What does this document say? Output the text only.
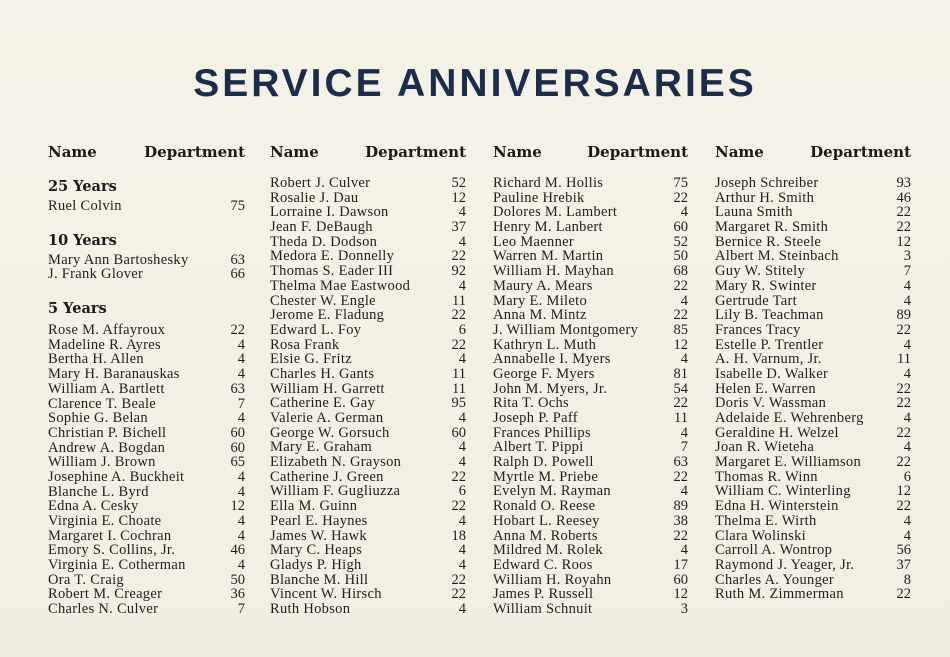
SERVICE ANNIVERSARIES
Name	Department
25 Years
Ruel Colvin	75
10 Years
Mary Ann Bartoshesky	63
J. Frank Glover	66
5 Years
Rose M. Affayroux	22
Madeline R. Ayres	4
Bertha H. Allen	4
Mary H. Baranauskas	4
William A. Bartlett	63
Clarence T. Beale	7
Sophie G. Belan	4
Christian P. Bichell	60
Andrew A. Bogdan	60
William J. Brown	65
Josephine A. Buckheit	4
Blanche L. Byrd	4
Edna A. Cesky	12
Virginia E. Choate	4
Margaret I. Cochran	4
Emory S. Collins, Jr.	46
Virginia E. Cotherman	4
Ora T. Craig	50
Robert M. Creager	36
Charles N. Culver	7
Name	Department
Robert J. Culver	52
Rosalie J. Dau	12
Lorraine I. Dawson	4
Jean F. DeBaugh	37
Theda D. Dodson	4
Medora E. Donnelly	22
Thomas S. Eader III	92
Thelma Mae Eastwood	4
Chester W. Engle	11
Jerome E. Fladung	22
Edward L. Foy	6
Rosa Frank	22
Elsie G. Fritz	4
Charles H. Gants	11
William H. Garrett	11
Catherine E. Gay	95
Valerie A. German	4
George W. Gorsuch	60
Mary E. Graham	4
Elizabeth N. Grayson	4
Catherine J. Green	22
William F. Gugliuzza	6
Ella M. Guinn	22
Pearl E. Haynes	4
James W. Hawk	18
Mary C. Heaps	4
Gladys P. High	4
Blanche M. Hill	22
Vincent W. Hirsch	22
Ruth Hobson	4
Name	Department
Richard M. Hollis	75
Pauline Hrebik	22
Dolores M. Lambert	4
Henry M. Lanbert	60
Leo Maenner	52
Warren M. Martin	50
William H. Mayhan	68
Maury A. Mears	22
Mary E. Mileto	4
Anna M. Mintz	22
J. William Montgomery 85
Kathryn L. Muth	12
Annabelle I. Myers	4
George F. Myers	81
John M. Myers, Jr.	54
Rita T. Ochs	22
Joseph P. Paff	11
Frances Phillips	4
Albert T. Pippi	7
Ralph D. Powell	63
Myrtle M. Priebe	22
Evelyn M. Rayman	4
Ronald O. Reese	89
Hobart L. Reesey	38
Anna M. Roberts	22
Mildred M. Rolek	4
Edward C. Roos	17
William H. Royahn	60
James P. Russell	12
William Schnuit	3
Name	Department
Joseph Schreiber	93
Arthur H. Smith	46
Launa Smith	22
Margaret R. Smith	22
Bernice R. Steele	12
Albert M. Steinbach	3
Guy W. Stitely	7
Mary R. Swinter	4
Gertrude Tart	4
Lily B. Teachman	89
Frances Tracy	22
Estelle P. Trentler	4
A. H. Varnum, Jr.	11
Isabelle D. Walker	4
Helen E. Warren	22
Doris V. Wassman	22
Adelaide E. Wehrenberg	4
Geraldine H. Welzel	22
Joan R. Wieteha	4
Margaret E. Williamson 22
Thomas R. Winn	6
William C. Winterling	12
Edna H. Winterstein	22
Thelma E. Wirth	4
Clara Wolinski	4
Carroll A. Wontrop	56
Raymond J. Yeager, Jr.	37
Charles A. Younger	8
Ruth M. Zimmerman	22
